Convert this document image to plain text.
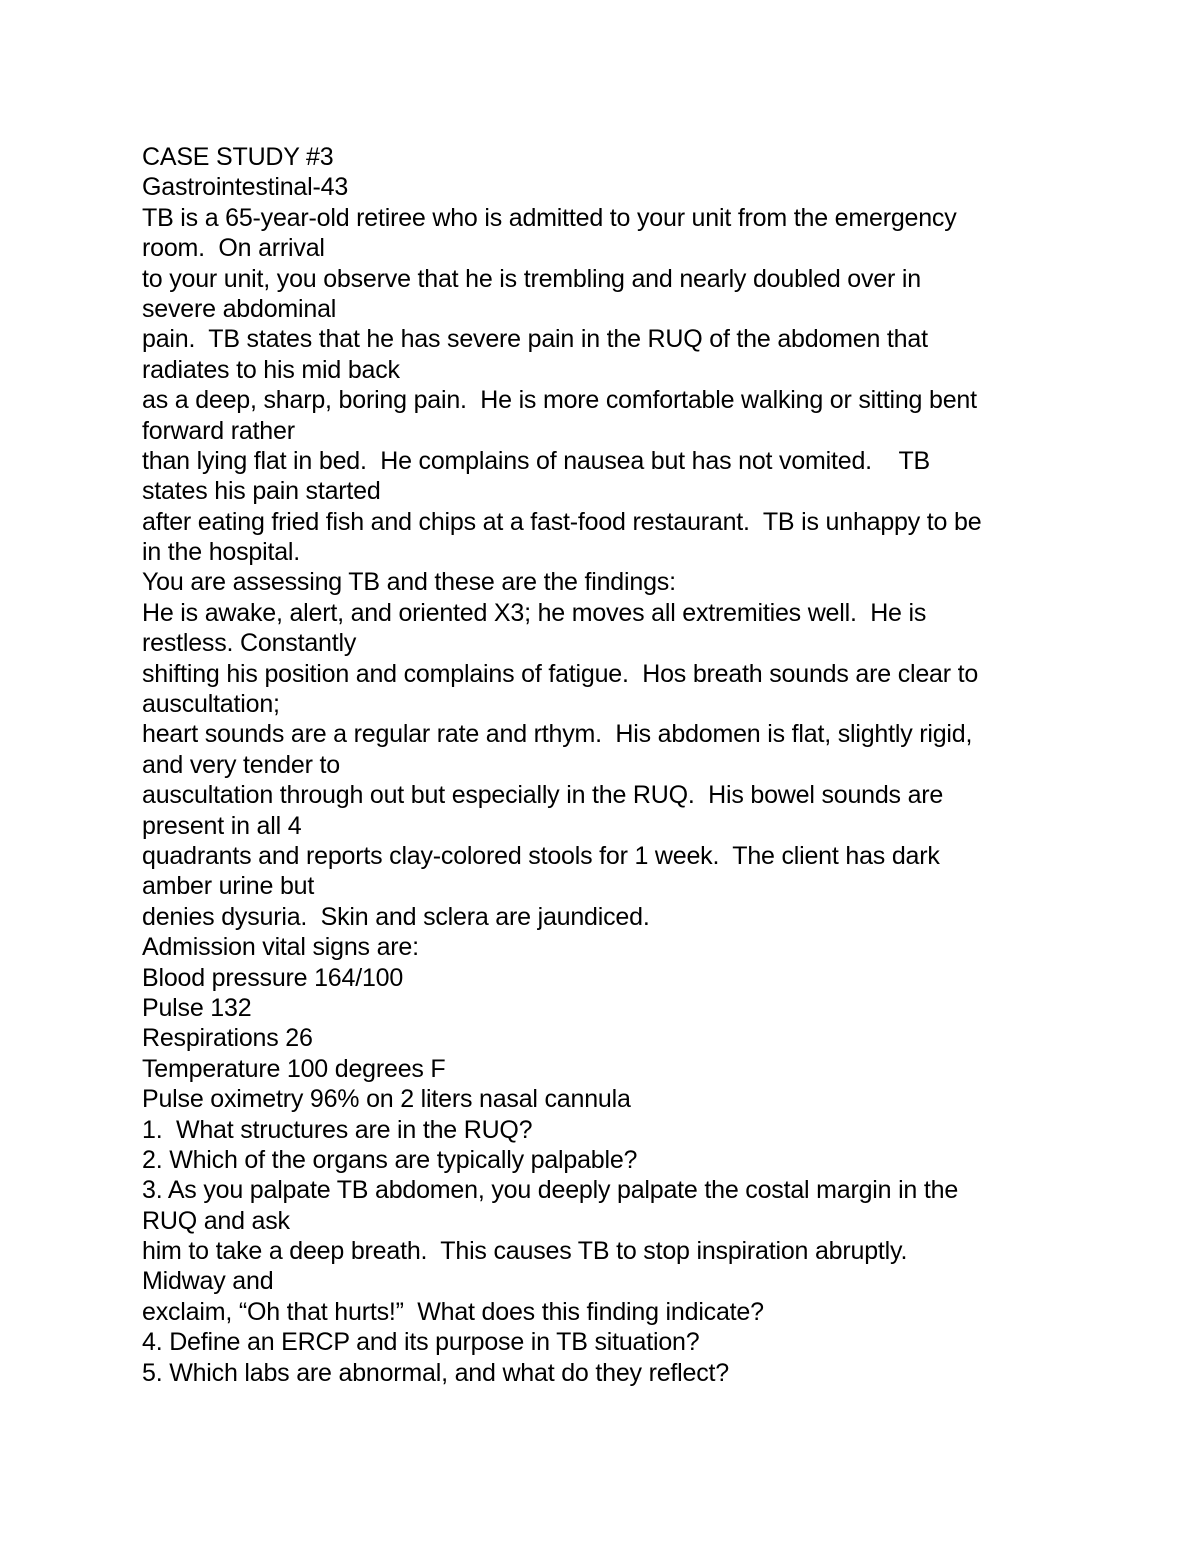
CASE STUDY #3
Gastrointestinal-43
TB is a 65-year-old retiree who is admitted to your unit from the emergency
room.  On arrival
to your unit, you observe that he is trembling and nearly doubled over in
severe abdominal
pain.  TB states that he has severe pain in the RUQ of the abdomen that
radiates to his mid back
as a deep, sharp, boring pain.  He is more comfortable walking or sitting bent
forward rather
than lying flat in bed.  He complains of nausea but has not vomited.    TB
states his pain started
after eating fried fish and chips at a fast-food restaurant.  TB is unhappy to be
in the hospital.
You are assessing TB and these are the findings:
He is awake, alert, and oriented X3; he moves all extremities well.  He is
restless. Constantly
shifting his position and complains of fatigue.  Hos breath sounds are clear to
auscultation;
heart sounds are a regular rate and rthym.  His abdomen is flat, slightly rigid,
and very tender to
auscultation through out but especially in the RUQ.  His bowel sounds are
present in all 4
quadrants and reports clay-colored stools for 1 week.  The client has dark
amber urine but
denies dysuria.  Skin and sclera are jaundiced.
Admission vital signs are:
Blood pressure 164/100
Pulse 132
Respirations 26
Temperature 100 degrees F
Pulse oximetry 96% on 2 liters nasal cannula
1.  What structures are in the RUQ?
2. Which of the organs are typically palpable?
3. As you palpate TB abdomen, you deeply palpate the costal margin in the
RUQ and ask
him to take a deep breath.  This causes TB to stop inspiration abruptly.
Midway and
exclaim, “Oh that hurts!”  What does this finding indicate?
4. Define an ERCP and its purpose in TB situation?
5. Which labs are abnormal, and what do they reflect?
